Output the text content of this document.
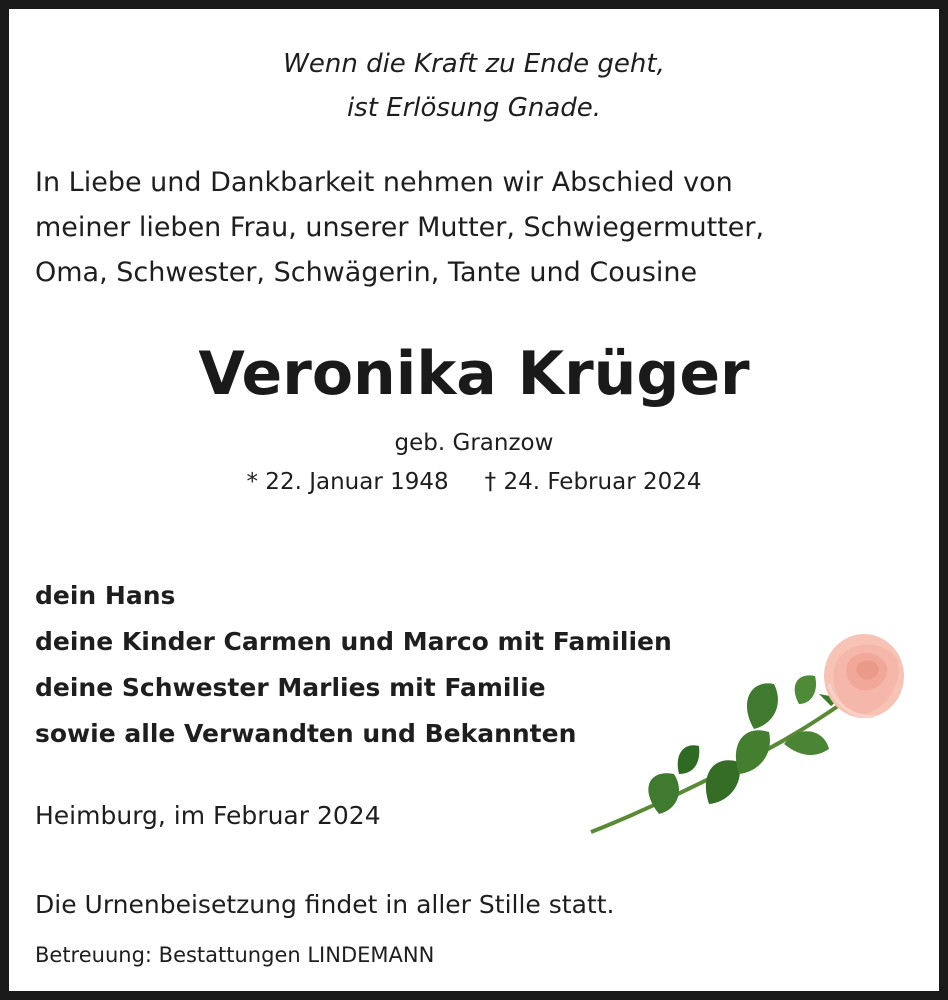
Wenn die Kraft zu Ende geht,
ist Erlösung Gnade.
In Liebe und Dankbarkeit nehmen wir Abschied von
meiner lieben Frau, unserer Mutter, Schwiegermutter,
Oma, Schwester, Schwägerin, Tante und Cousine
Veronika Krüger
geb. Granzow
* 22. Januar 1948 † 24. Februar 2024
dein Hans
deine Kinder Carmen und Marco mit Familien
deine Schwester Marlies mit Familie
sowie alle Verwandten und Bekannten
Heimburg, im Februar 2024
Die Urnenbeisetzung findet in aller Stille statt.
Betreuung: Bestattungen LINDEMANN
